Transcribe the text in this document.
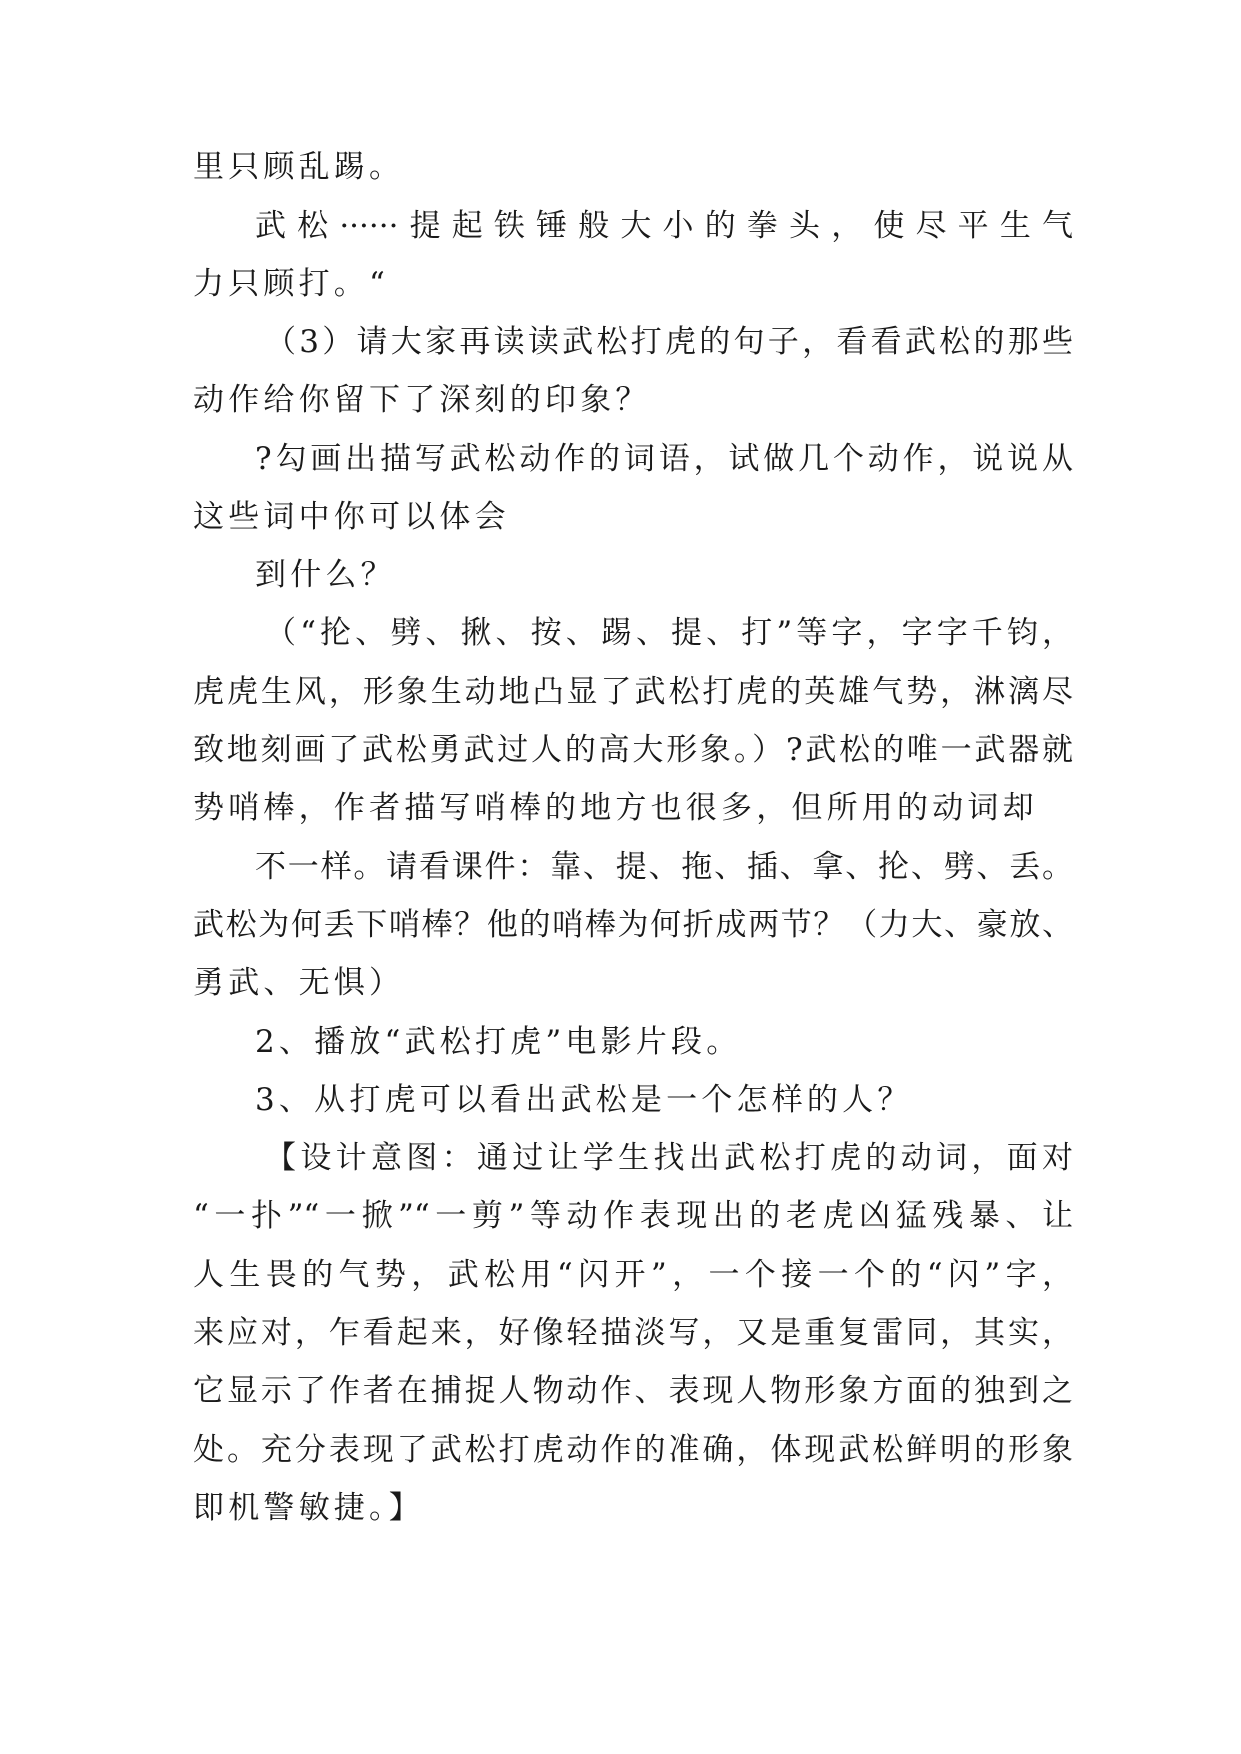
里只顾乱踢。
武松······提起铁锤般大小的拳头，使尽平生气
力只顾打。“
（3）请大家再读读武松打虎的句子，看看武松的那些
动作给你留下了深刻的印象？
?勾画出描写武松动作的词语，试做几个动作，说说从
这些词中你可以体会
到什么？
（“抡、劈、揪、按、踢、提、打”等字，字字千钧，
虎虎生风，形象生动地凸显了武松打虎的英雄气势，淋漓尽
致地刻画了武松勇武过人的高大形象。）?武松的唯一武器就
势哨棒，作者描写哨棒的地方也很多，但所用的动词却
不一样。请看课件：靠、提、拖、插、拿、抡、劈、丢。
武松为何丢下哨棒？他的哨棒为何折成两节？（力大、豪放、
勇武、无惧）
2、播放“武松打虎”电影片段。
3、从打虎可以看出武松是一个怎样的人？
【设计意图：通过让学生找出武松打虎的动词，面对
“一扑”“一掀”“一剪”等动作表现出的老虎凶猛残暴、让
人生畏的气势，武松用“闪开”，一个接一个的“闪”字，
来应对，乍看起来，好像轻描淡写，又是重复雷同，其实，
它显示了作者在捕捉人物动作、表现人物形象方面的独到之
处。充分表现了武松打虎动作的准确，体现武松鲜明的形象
即机警敏捷。】
